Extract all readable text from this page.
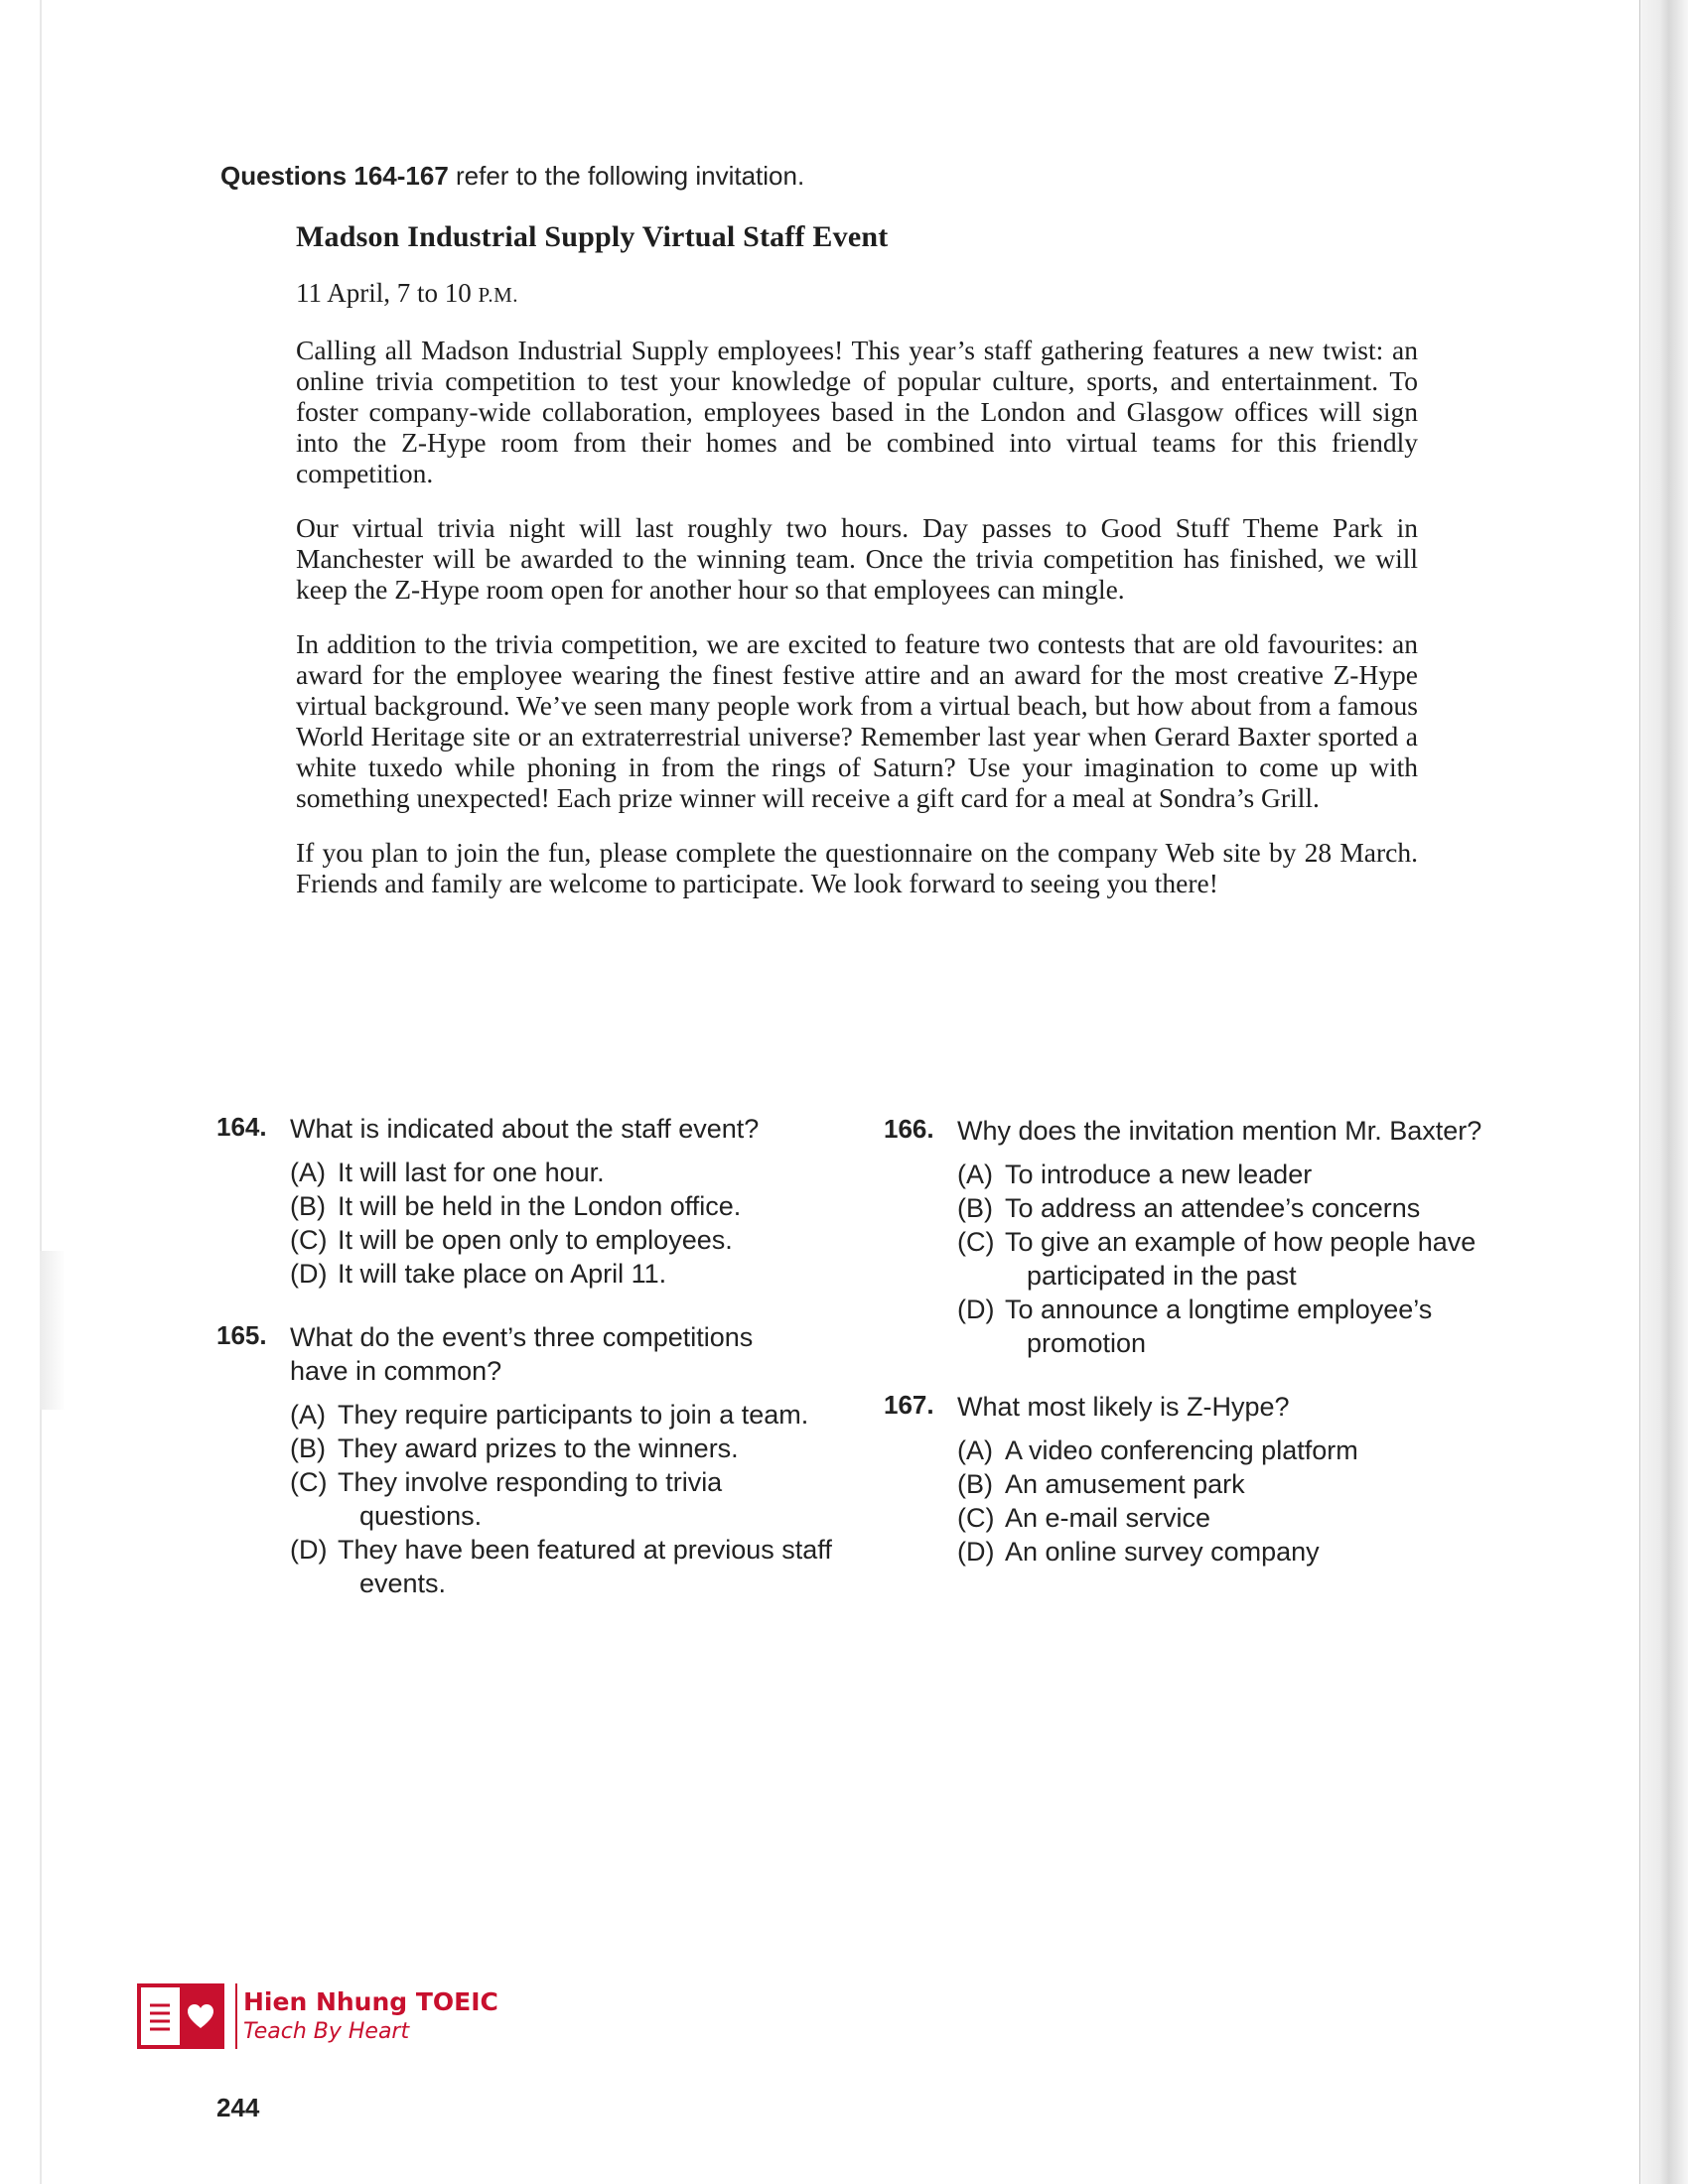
Questions 164-167 refer to the following invitation.
Madson Industrial Supply Virtual Staff Event
11 April, 7 to 10 P.M.

Calling all Madson Industrial Supply employees! This year’s staff gathering features a new twist: an online trivia competition to test your knowledge of popular culture, sports, and entertainment. To foster company-wide collaboration, employees based in the London and Glasgow offices will sign into the Z-Hype room from their homes and be combined into virtual teams for this friendly competition.

Our virtual trivia night will last roughly two hours. Day passes to Good Stuff Theme Park in Manchester will be awarded to the winning team. Once the trivia competition has finished, we will keep the Z-Hype room open for another hour so that employees can mingle.

In addition to the trivia competition, we are excited to feature two contests that are old favourites: an award for the employee wearing the finest festive attire and an award for the most creative Z-Hype virtual background. We’ve seen many people work from a virtual beach, but how about from a famous World Heritage site or an extraterrestrial universe? Remember last year when Gerard Baxter sported a white tuxedo while phoning in from the rings of Saturn? Use your imagination to come up with something unexpected! Each prize winner will receive a gift card for a meal at Sondra’s Grill.

If you plan to join the fun, please complete the questionnaire on the company Web site by 28 March. Friends and family are welcome to participate. We look forward to seeing you there!

164. What is indicated about the staff event?
(A) It will last for one hour.
(B) It will be held in the London office.
(C) It will be open only to employees.
(D) It will take place on April 11.
165. What do the event’s three competitions have in common?
(A) They require participants to join a team.
(B) They award prizes to the winners.
(C) They involve responding to trivia questions.
(D) They have been featured at previous staff events.
166. Why does the invitation mention Mr. Baxter?
(A) To introduce a new leader
(B) To address an attendee’s concerns
(C) To give an example of how people have participated in the past
(D) To announce a longtime employee’s promotion
167. What most likely is Z-Hype?
(A) A video conferencing platform
(B) An amusement park
(C) An e-mail service
(D) An online survey company
Hien Nhung TOEIC
Teach By Heart
244
